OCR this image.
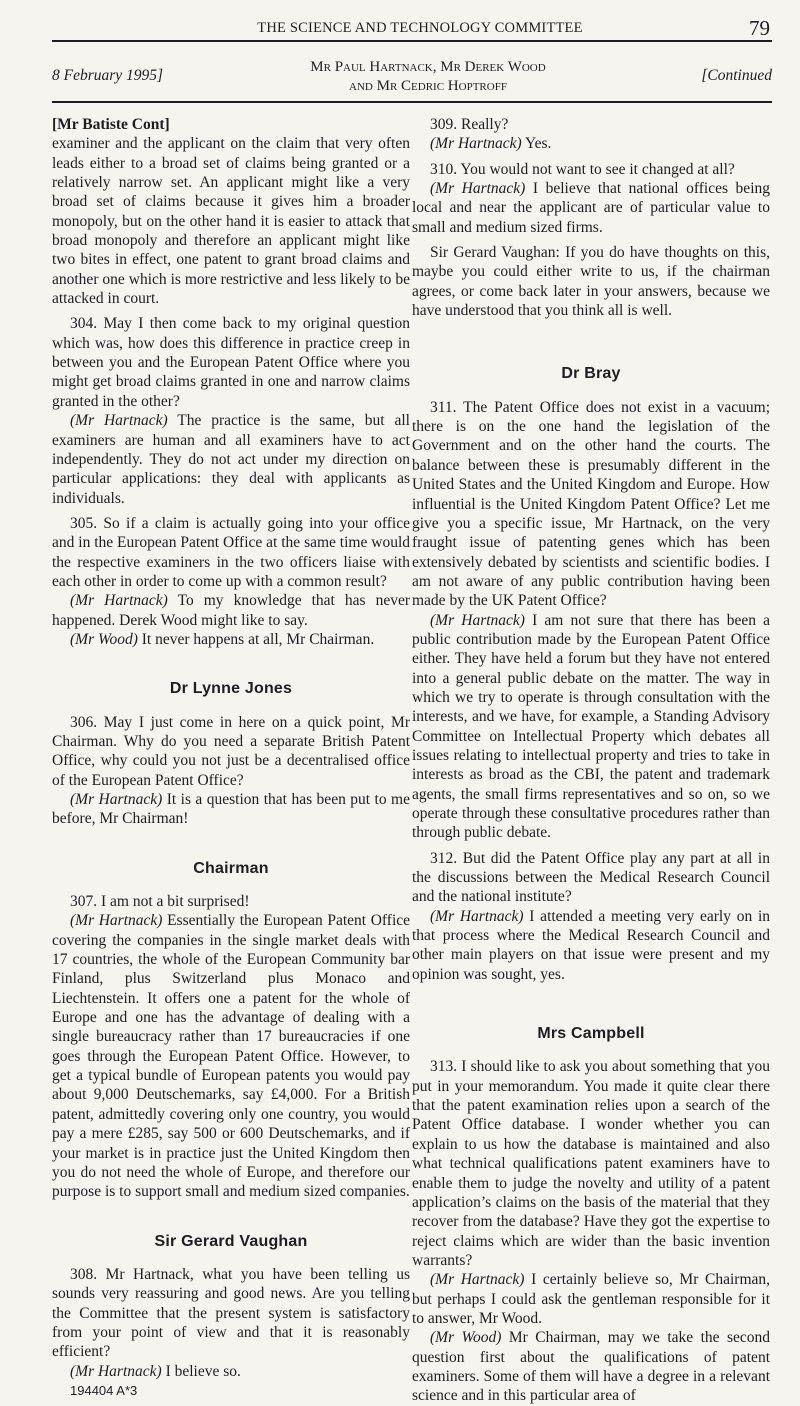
THE SCIENCE AND TECHNOLOGY COMMITTEE	79
8 February 1995]	Mr Paul Hartnack, Mr Derek Wood
and Mr Cedric Hoptroff
[Continued

[Mr Batiste Cont]

examiner and the applicant on the claim that very often leads either to a broad set of claims being granted or a relatively narrow set. An applicant might like a very broad set of claims because it gives him a broader monopoly, but on the other hand it is easier to attack that broad monopoly and therefore an applicant might like two bites in effect, one patent to grant broad claims and another one which is more restrictive and less likely to be attacked in court.

304. May I then come back to my original question which was, how does this difference in practice creep in between you and the European Patent Office where you might get broad claims granted in one and narrow claims granted in the other?

(Mr Hartnack) The practice is the same, but all examiners are human and all examiners have to act independently. They do not act under my direction on particular applications: they deal with applicants as individuals.

305. So if a claim is actually going into your office and in the European Patent Office at the same time would the respective examiners in the two officers liaise with each other in order to come up with a common result?

(Mr Hartnack) To my knowledge that has never happened. Derek Wood might like to say.

(Mr Wood) It never happens at all, Mr Chairman.

Dr Lynne Jones

306. May I just come in here on a quick point, Mr Chairman. Why do you need a separate British Patent Office, why could you not just be a decentralised office of the European Patent Office?

(Mr Hartnack) It is a question that has been put to me before, Mr Chairman!

Chairman

307. I am not a bit surprised!

(Mr Hartnack) Essentially the European Patent Office covering the companies in the single market deals with 17 countries, the whole of the European Community bar Finland, plus Switzerland plus Monaco and Liechtenstein. It offers one a patent for the whole of Europe and one has the advantage of dealing with a single bureaucracy rather than 17 bureaucracies if one goes through the European Patent Office. However, to get a typical bundle of European patents you would pay about 9,000 Deutschemarks, say £4,000. For a British patent, admittedly covering only one country, you would pay a mere £285, say 500 or 600 Deutschemarks, and if your market is in practice just the United Kingdom then you do not need the whole of Europe, and therefore our purpose is to support small and medium sized companies.

Sir Gerard Vaughan

308. Mr Hartnack, what you have been telling us sounds very reassuring and good news. Are you telling the Committee that the present system is satisfactory from your point of view and that it is reasonably efficient?

(Mr Hartnack) I believe so.

194404 A*3

309. Really?

(Mr Hartnack) Yes.

310. You would not want to see it changed at all?

(Mr Hartnack) I believe that national offices being local and near the applicant are of particular value to small and medium sized firms.

Sir Gerard Vaughan: If you do have thoughts on this, maybe you could either write to us, if the chairman agrees, or come back later in your answers, because we have understood that you think all is well.

Dr Bray

311. The Patent Office does not exist in a vacuum; there is on the one hand the legislation of the Government and on the other hand the courts. The balance between these is presumably different in the United States and the United Kingdom and Europe. How influential is the United Kingdom Patent Office? Let me give you a specific issue, Mr Hartnack, on the very fraught issue of patenting genes which has been extensively debated by scientists and scientific bodies. I am not aware of any public contribution having been made by the UK Patent Office?

(Mr Hartnack) I am not sure that there has been a public contribution made by the European Patent Office either. They have held a forum but they have not entered into a general public debate on the matter. The way in which we try to operate is through consultation with the interests, and we have, for example, a Standing Advisory Committee on Intellectual Property which debates all issues relating to intellectual property and tries to take in interests as broad as the CBI, the patent and trademark agents, the small firms representatives and so on, so we operate through these consultative procedures rather than through public debate.

312. But did the Patent Office play any part at all in the discussions between the Medical Research Council and the national institute?

(Mr Hartnack) I attended a meeting very early on in that process where the Medical Research Council and other main players on that issue were present and my opinion was sought, yes.

Mrs Campbell

313. I should like to ask you about something that you put in your memorandum. You made it quite clear there that the patent examination relies upon a search of the Patent Office database. I wonder whether you can explain to us how the database is maintained and also what technical qualifications patent examiners have to enable them to judge the novelty and utility of a patent application’s claims on the basis of the material that they recover from the database? Have they got the expertise to reject claims which are wider than the basic invention warrants?

(Mr Hartnack) I certainly believe so, Mr Chairman, but perhaps I could ask the gentleman responsible for it to answer, Mr Wood.

(Mr Wood) Mr Chairman, may we take the second question first about the qualifications of patent examiners. Some of them will have a degree in a relevant science and in this particular area of
